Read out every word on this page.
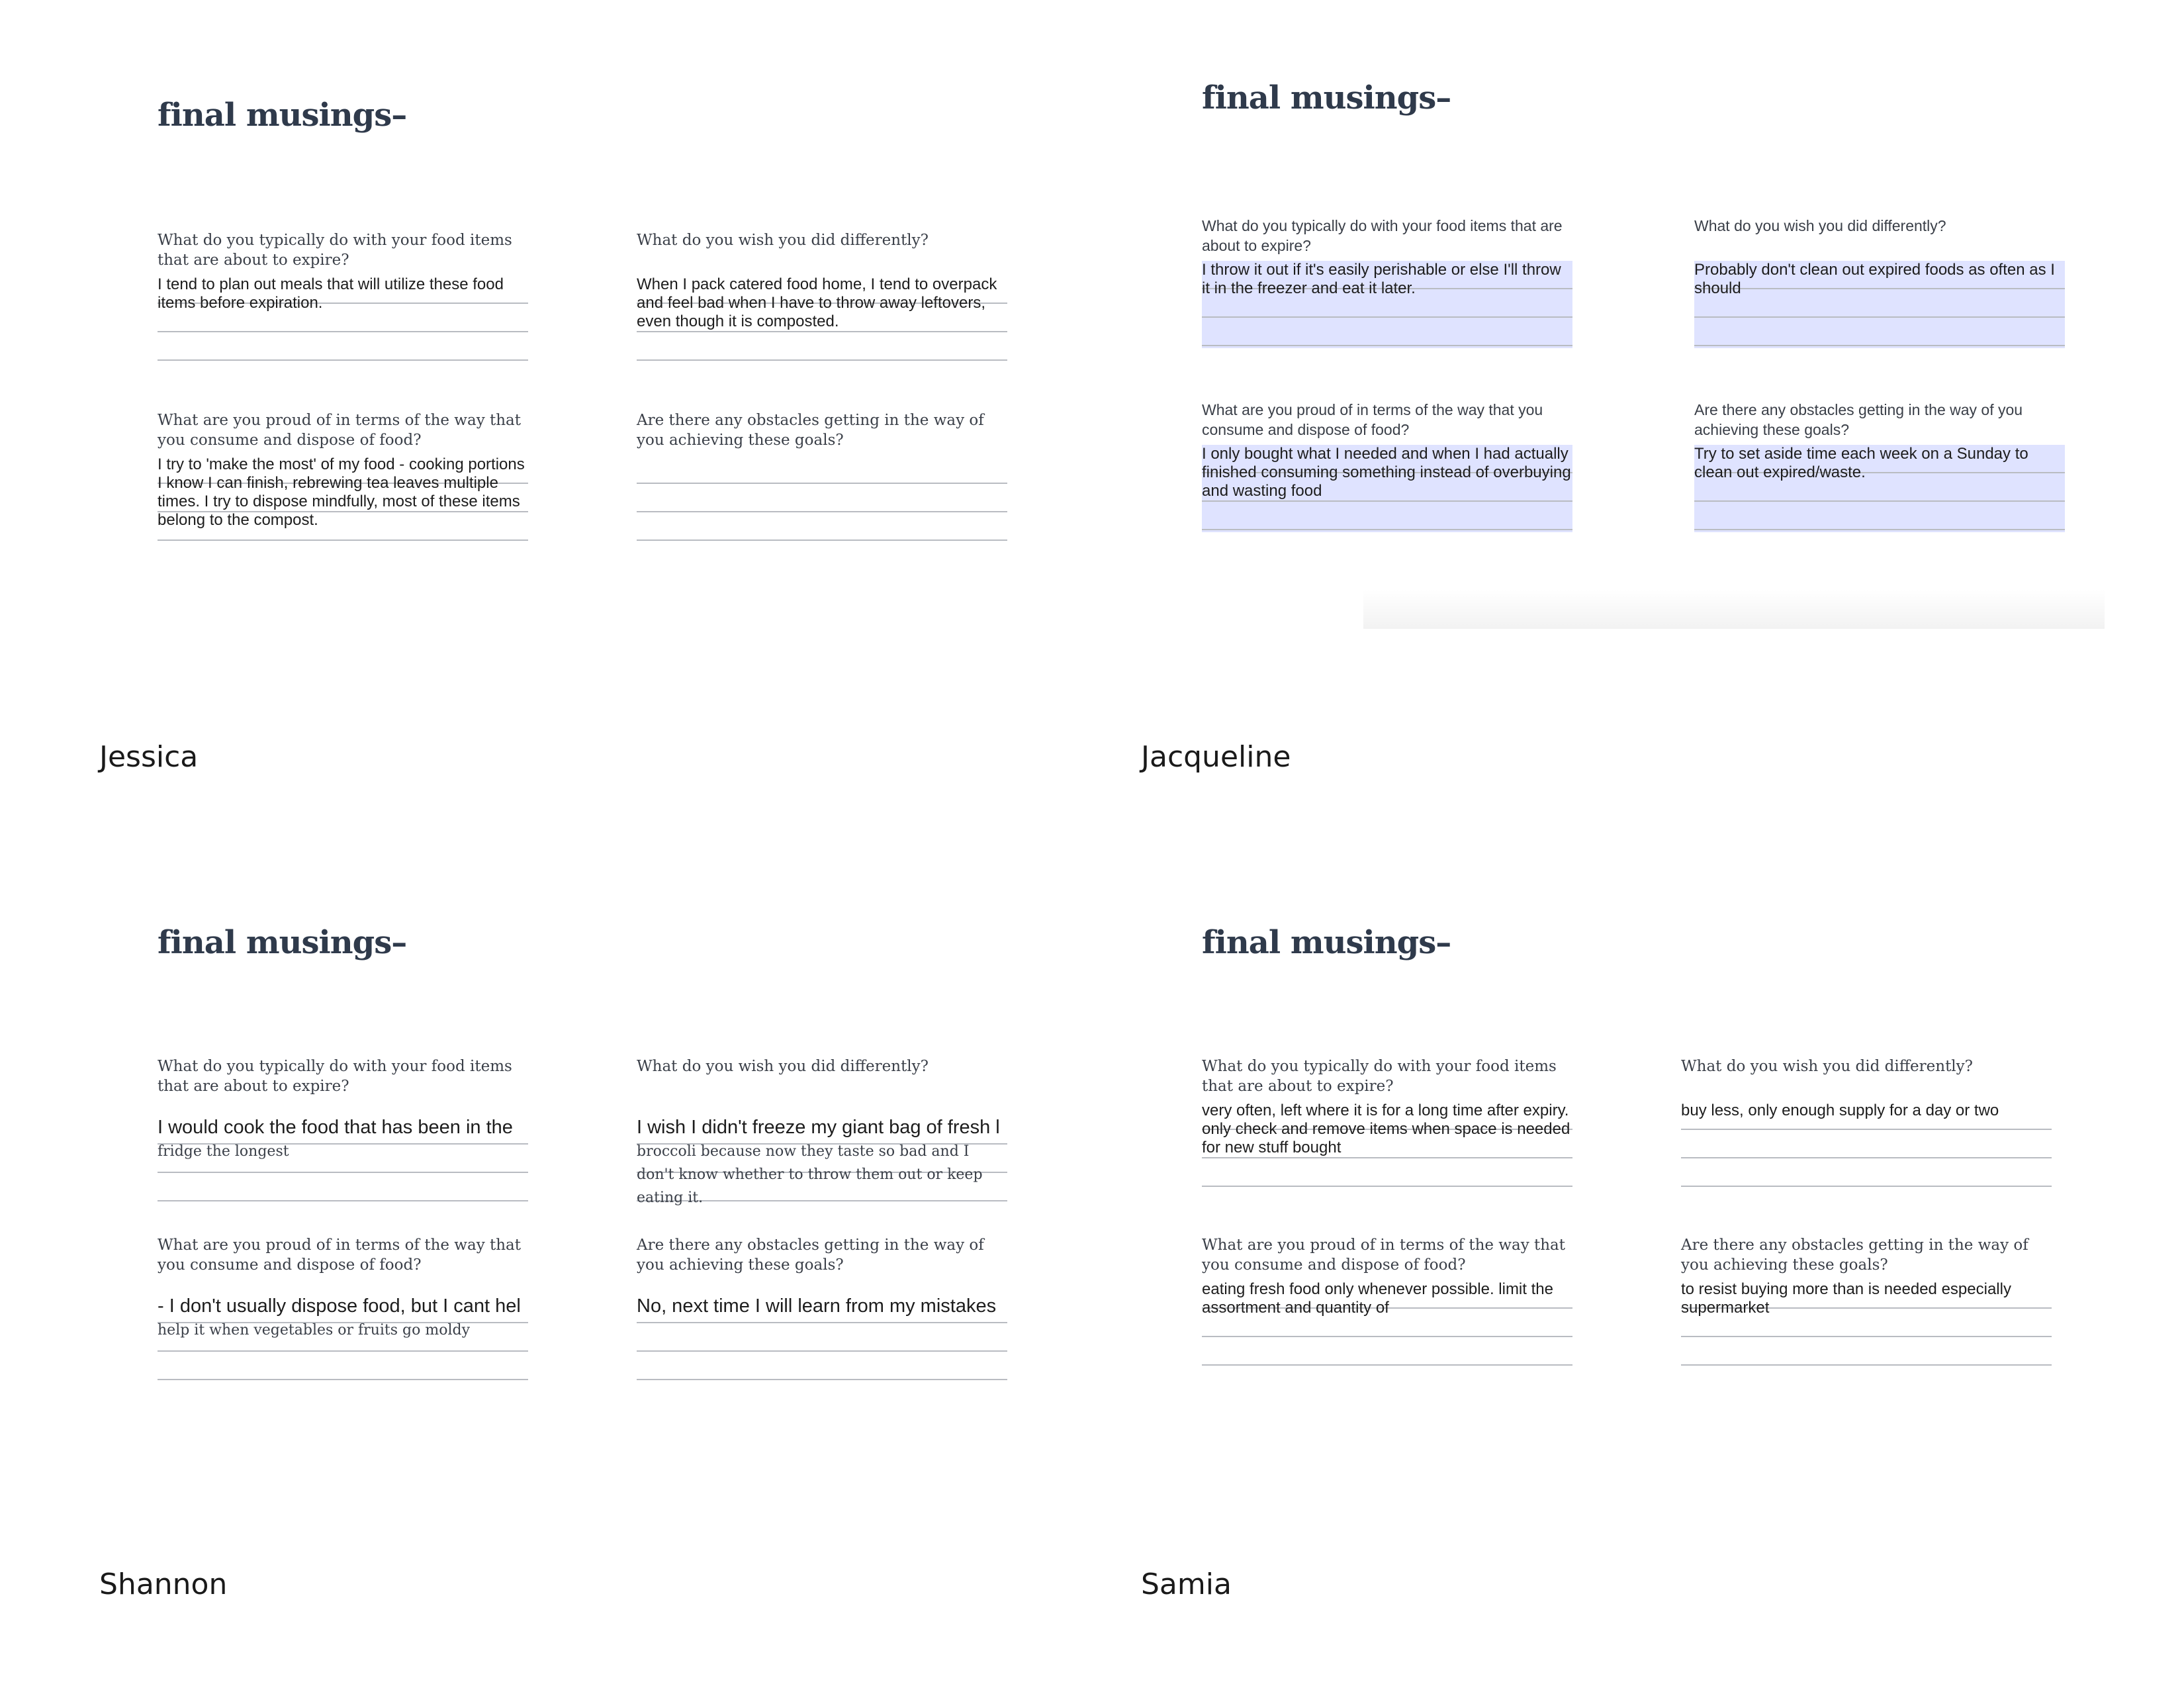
final musings–

What do you typically do with your food items that are about to expire?

I tend to plan out meals that will utilize these food items before expiration.

What do you wish you did differently?

When I pack catered food home, I tend to overpack and feel bad when I have to throw away leftovers, even though it is composted.

What are you proud of in terms of the way that you consume and dispose of food?

I try to 'make the most' of my food - cooking portions I know I can finish, rebrewing tea leaves multiple times. I try to dispose mindfully, most of these items belong to the compost.

Are there any obstacles getting in the way of you achieving these goals?

Jessica
final musings–

What do you typically do with your food items that are about to expire?

I throw it out if it's easily perishable or else I'll throw it in the freezer and eat it later.

What do you wish you did differently?

Probably don't clean out expired foods as often as I should

What are you proud of in terms of the way that you consume and dispose of food?

I only bought what I needed and when I had actually finished consuming something instead of overbuying and wasting food

Are there any obstacles getting in the way of you achieving these goals?

Try to set aside time each week on a Sunday to clean out expired/waste.

Jacqueline
final musings–

What do you typically do with your food items that are about to expire?

I would cook the food that has been in the
fridge the longest

What do you wish you did differently?

I wish I didn't freeze my giant bag of fresh l
broccoli because now they taste so bad and I don't know whether to throw them out or keep eating it.

What are you proud of in terms of the way that you consume and dispose of food?

- I don't usually dispose food, but I cant hel
help it when vegetables or fruits go moldy

Are there any obstacles getting in the way of you achieving these goals?

No, next time I will learn from my mistakes

Shannon
final musings–

What do you typically do with your food items that are about to expire?

very often, left where it is for a long time after expiry. only check and remove items when space is needed for new stuff bought

What do you wish you did differently?

buy less, only enough supply for a day or two

What are you proud of in terms of the way that you consume and dispose of food?

eating fresh food only whenever possible. limit the assortment and quantity of

Are there any obstacles getting in the way of you achieving these goals?

to resist buying more than is needed especially supermarket

Samia
